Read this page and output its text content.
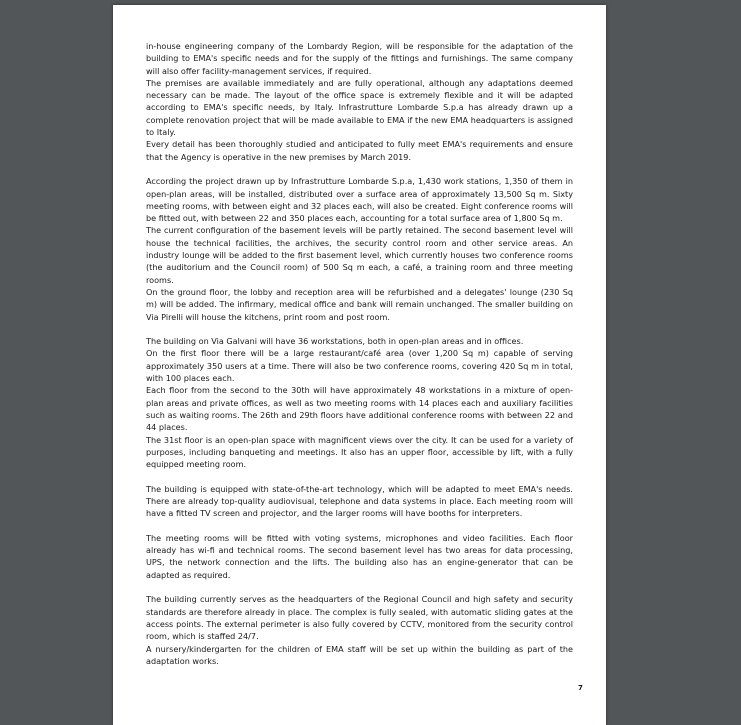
in-house engineering company of the Lombardy Region, will be responsible for the adaptation of the building to EMA's specific needs and for the supply of the fittings and furnishings. The same company will also offer facility-management services, if required.

The premises are available immediately and are fully operational, although any adaptations deemed necessary can be made. The layout of the office space is extremely flexible and it will be adapted according to EMA's specific needs, by Italy. Infrastrutture Lombarde S.p.a has already drawn up a complete renovation project that will be made available to EMA if the new EMA headquarters is assigned to Italy.

Every detail has been thoroughly studied and anticipated to fully meet EMA's requirements and ensure that the Agency is operative in the new premises by March 2019.

According the project drawn up by Infrastrutture Lombarde S.p.a, 1,430 work stations, 1,350 of them in open-plan areas, will be installed, distributed over a surface area of approximately 13,500 Sq m. Sixty meeting rooms, with between eight and 32 places each, will also be created. Eight conference rooms will be fitted out, with between 22 and 350 places each, accounting for a total surface area of 1,800 Sq m.

The current configuration of the basement levels will be partly retained. The second basement level will house the technical facilities, the archives, the security control room and other service areas. An industry lounge will be added to the first basement level, which currently houses two conference rooms (the auditorium and the Council room) of 500 Sq m each, a café, a training room and three meeting rooms.

On the ground floor, the lobby and reception area will be refurbished and a delegates' lounge (230 Sq m) will be added. The infirmary, medical office and bank will remain unchanged. The smaller building on Via Pirelli will house the kitchens, print room and post room.

The building on Via Galvani will have 36 workstations, both in open-plan areas and in offices.

On the first floor there will be a large restaurant/café area (over 1,200 Sq m) capable of serving approximately 350 users at a time. There will also be two conference rooms, covering 420 Sq m in total, with 100 places each.

Each floor from the second to the 30th will have approximately 48 workstations in a mixture of open-plan areas and private offices, as well as two meeting rooms with 14 places each and auxiliary facilities such as waiting rooms. The 26th and 29th floors have additional conference rooms with between 22 and 44 places.

The 31st floor is an open-plan space with magnificent views over the city. It can be used for a variety of purposes, including banqueting and meetings. It also has an upper floor, accessible by lift, with a fully equipped meeting room.

The building is equipped with state-of-the-art technology, which will be adapted to meet EMA's needs. There are already top-quality audiovisual, telephone and data systems in place. Each meeting room will have a fitted TV screen and projector, and the larger rooms will have booths for interpreters.

The meeting rooms will be fitted with voting systems, microphones and video facilities. Each floor already has wi-fi and technical rooms. The second basement level has two areas for data processing, UPS, the network connection and the lifts. The building also has an engine-generator that can be adapted as required.

The building currently serves as the headquarters of the Regional Council and high safety and security standards are therefore already in place. The complex is fully sealed, with automatic sliding gates at the access points. The external perimeter is also fully covered by CCTV, monitored from the security control room, which is staffed 24/7.

A nursery/kindergarten for the children of EMA staff will be set up within the building as part of the adaptation works.

7
